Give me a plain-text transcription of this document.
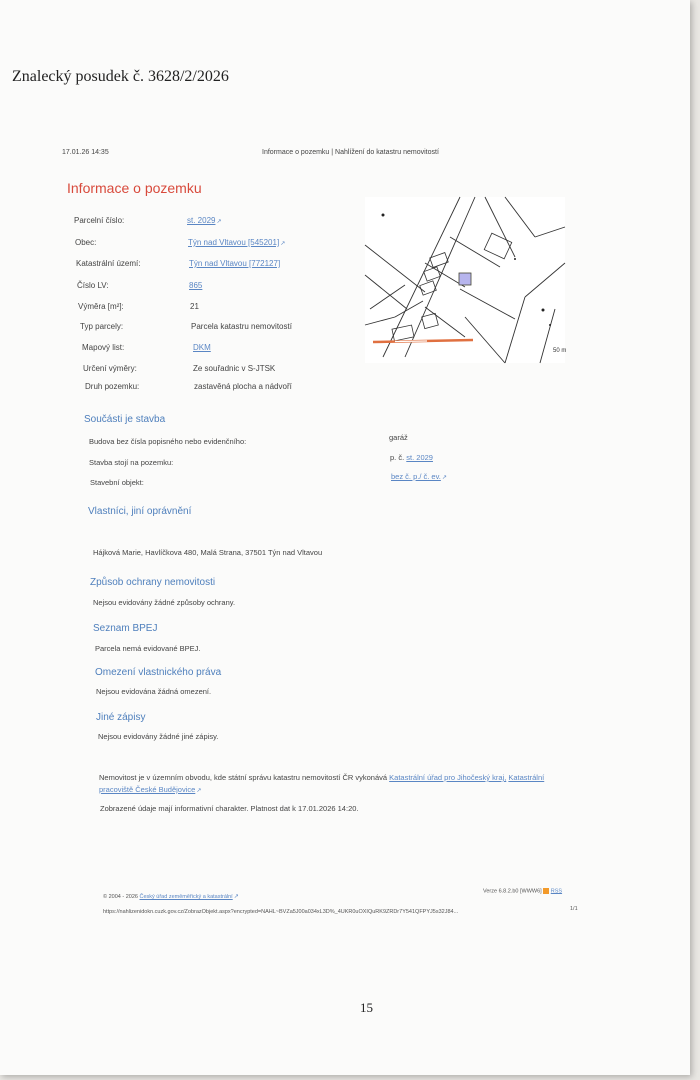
Znalecký posudek č. 3628/2/2026
17.01.26 14:35	Informace o pozemku | Nahlížení do katastru nemovitostí
Informace o pozemku
Parcelní číslo:	st. 2029↗
Obec:	Týn nad Vltavou [545201]↗
Katastrální území:	Týn nad Vltavou [772127]
Číslo LV:	865
Výměra [m²]:	21
Typ parcely:	Parcela katastru nemovitostí
Mapový list:	DKM
Určení výměry:	Ze souřadnic v S-JTSK
Druh pozemku:	zastavěná plocha a nádvoří
50 m
Součásti je stavba
Budova bez čísla popisného nebo evidenčního:	garáž
Stavba stojí na pozemku:
p. č. st. 2029
Stavební objekt:
bez č. p./ č. ev.↗
Vlastníci, jiní oprávnění
Hájková Marie, Havlíčkova 480, Malá Strana, 37501 Týn nad Vltavou
Způsob ochrany nemovitosti
Nejsou evidovány žádné způsoby ochrany.
Seznam BPEJ
Parcela nemá evidované BPEJ.
Omezení vlastnického práva
Nejsou evidována žádná omezení.
Jiné zápisy
Nejsou evidovány žádné jiné zápisy.
Nemovitost je v územním obvodu, kde státní správu katastru nemovitostí ČR vykonává Katastrální úřad pro Jihočeský kraj, Katastrální pracoviště České Budějovice↗
Zobrazené údaje mají informativní charakter. Platnost dat k 17.01.2026 14:20.
© 2004 - 2026 Český úřad zeměměřický a katastrální↗
Verze 6.8.2.b0 [WWW6] RSS
https://nahlizenidokn.cuzk.gov.cz/ZobrazObjekt.aspx?encrypted=NAHL~BVZa5J00a034xL3D%_4UKR0uOXIQuRK9ZRDr7Y541QFPYJ5s32J84...	1/1
15
